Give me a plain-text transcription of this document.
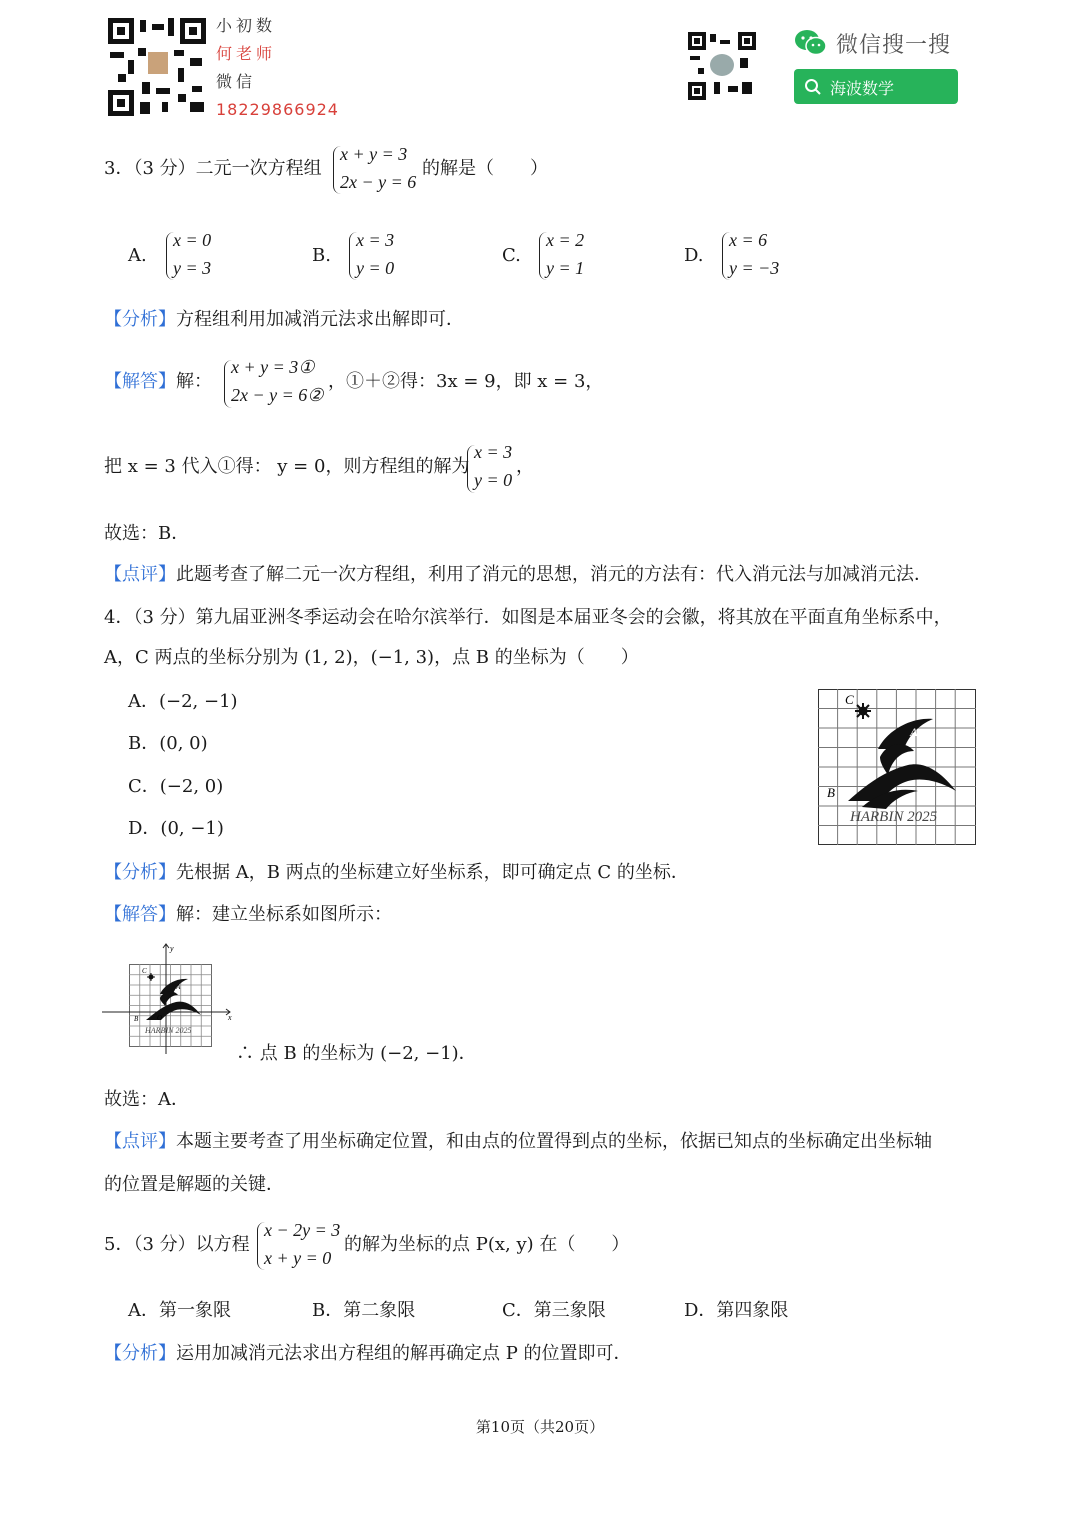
小初数
何老师
微信
18229866924
微信搜一搜
海波数学
3．（3 分）二元一次方程组
x + y = 3
2x − y = 6
的解是（　　）
A.
x = 0
y = 3
B.
x = 3
y = 0
C.
x = 2
y = 1
D.
x = 6
y = −3
【分析】方程组利用加减消元法求出解即可．
【解答】解：
x + y = 3①
2x − y = 6②
，①＋②得：3x = 9，即 x = 3，
把 x = 3 代入①得： y = 0，则方程组的解为
x = 3
y = 0
，
故选：B．
【点评】此题考查了解二元一次方程组，利用了消元的思想，消元的方法有：代入消元法与加减消元法．
4．（3 分）第九届亚洲冬季运动会在哈尔滨举行．如图是本届亚冬会的会徽，将其放在平面直角坐标系中，
A，C 两点的坐标分别为 (1, 2)，(−1, 3)，点 B 的坐标为（　　）
A．(−2, −1)
B．(0, 0)
C．(−2, 0)
D．(0, −1)
C
A
B
HARBIN 2025
【分析】先根据 A，B 两点的坐标建立好坐标系，即可确定点 C 的坐标．
【解答】解：建立坐标系如图所示：
y
x
C
A
B	O
HARBIN 2025
∴ 点 B 的坐标为 (−2, −1)．
故选：A．
【点评】本题主要考查了用坐标确定位置，和由点的位置得到点的坐标，依据已知点的坐标确定出坐标轴
的位置是解题的关键．
5．（3 分）以方程
x − 2y = 3
x + y = 0
的解为坐标的点 P(x, y) 在（　　）
A．第一象限	B．第二象限	C．第三象限	D．第四象限
【分析】运用加减消元法求出方程组的解再确定点 P 的位置即可．
第10页（共20页）
